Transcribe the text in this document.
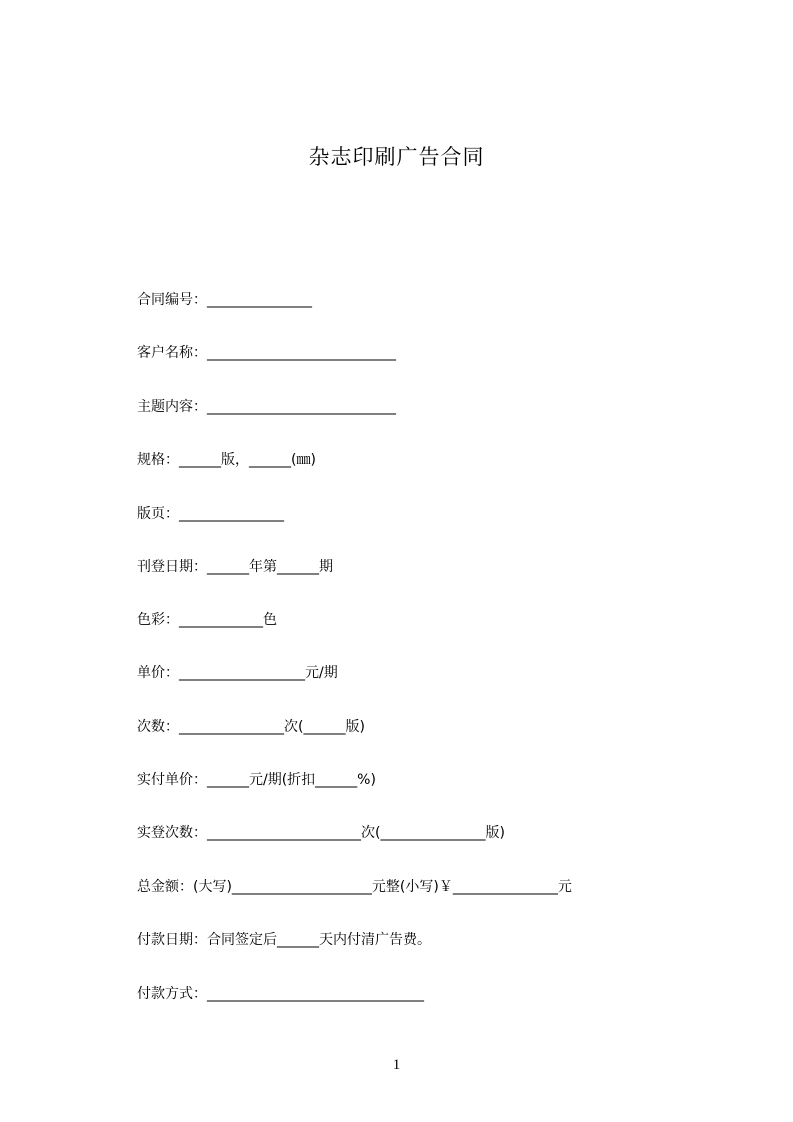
杂志印刷广告合同
合同编号：_______________
客户名称：___________________________
主题内容：___________________________
规格：______版，______(㎜)
版页：_______________
刊登日期：______年第______期
色彩：____________色
单价：__________________元/期
次数：_______________次(______版)
实付单价：______元/期(折扣______%)
实登次数：______________________次(_______________版)
总金额：(大写)____________________元整(小写)￥_______________元
付款日期：合同签定后______天内付清广告费。
付款方式：_______________________________
1
